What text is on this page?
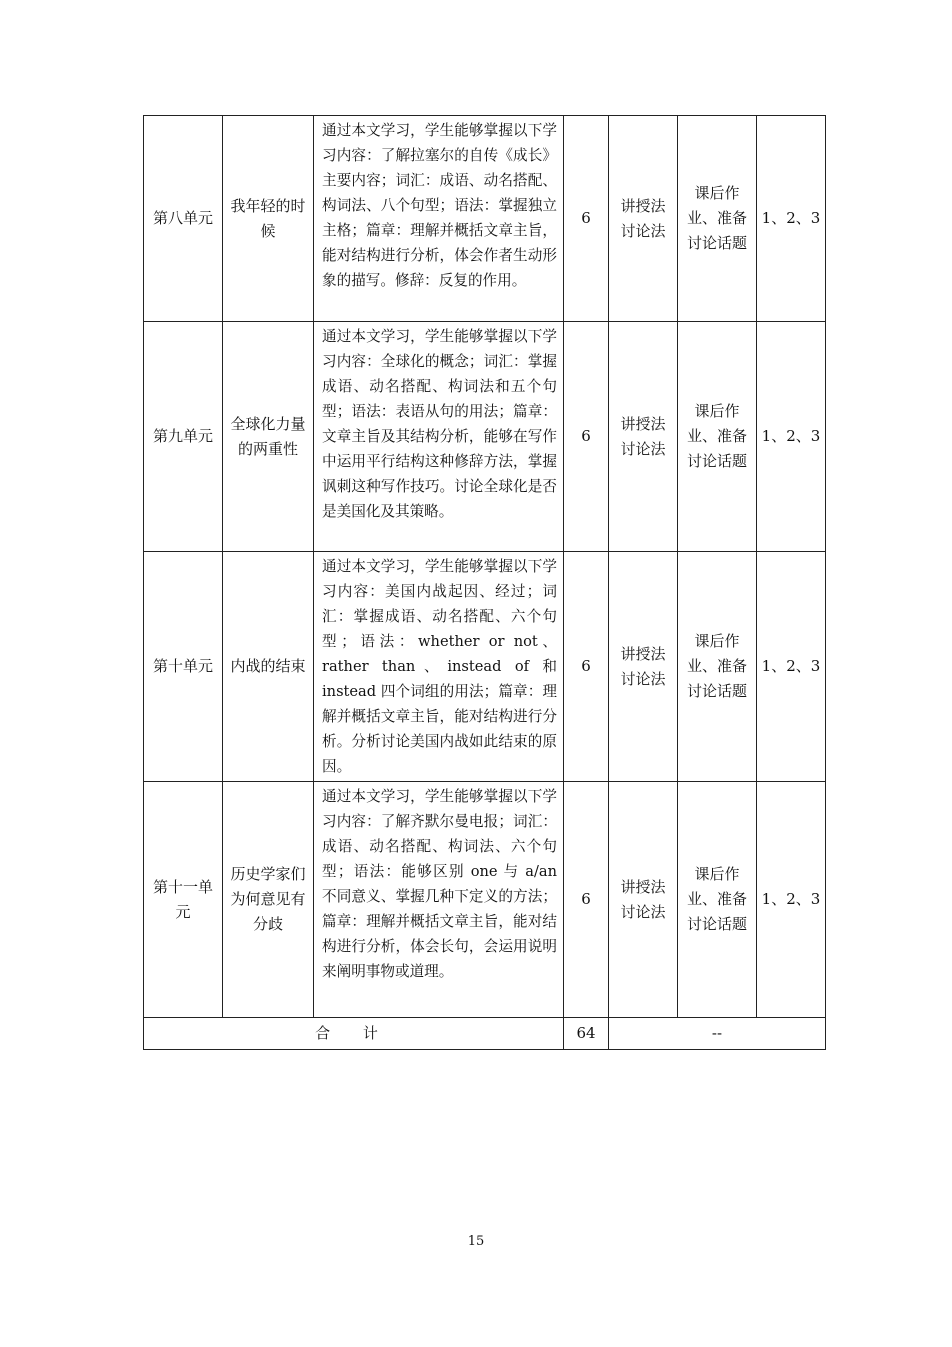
第八单元	我年轻的时候	通过本文学习，学生能够掌握以下学习内容：了解拉塞尔的自传《成长》主要内容；词汇：成语、动名搭配、构词法、八个句型；语法：掌握独立主格；篇章：理解并概括文章主旨，能对结构进行分析，体会作者生动形象的描写。修辞：反复的作用。	6	讲授法讨论法	课后作业、准备讨论话题	1、2、3
第九单元	全球化力量的两重性	通过本文学习，学生能够掌握以下学习内容：全球化的概念；词汇：掌握成语、动名搭配、构词法和五个句型；语法：表语从句的用法；篇章：文章主旨及其结构分析，能够在写作中运用平行结构这种修辞方法，掌握讽刺这种写作技巧。讨论全球化是否是美国化及其策略。	6	讲授法讨论法	课后作业、准备讨论话题	1、2、3
第十单元	内战的结束	通过本文学习，学生能够掌握以下学习内容：美国内战起因、经过；词汇：掌握成语、动名搭配、六个句型；语法：whether or not、rather than、instead of 和 instead 四个词组的用法；篇章：理解并概括文章主旨，能对结构进行分析。分析讨论美国内战如此结束的原因。	6	讲授法讨论法	课后作业、准备讨论话题	1、2、3
第十一单元	历史学家们为何意见有分歧	通过本文学习，学生能够掌握以下学习内容：了解齐默尔曼电报；词汇：成语、动名搭配、构词法、六个句型；语法：能够区别 one 与 a/an 不同意义、掌握几种下定义的方法；篇章：理解并概括文章主旨，能对结构进行分析，体会长句，会运用说明来阐明事物或道理。	6	讲授法讨论法	课后作业、准备讨论话题	1、2、3
合 计			64	--		
15
